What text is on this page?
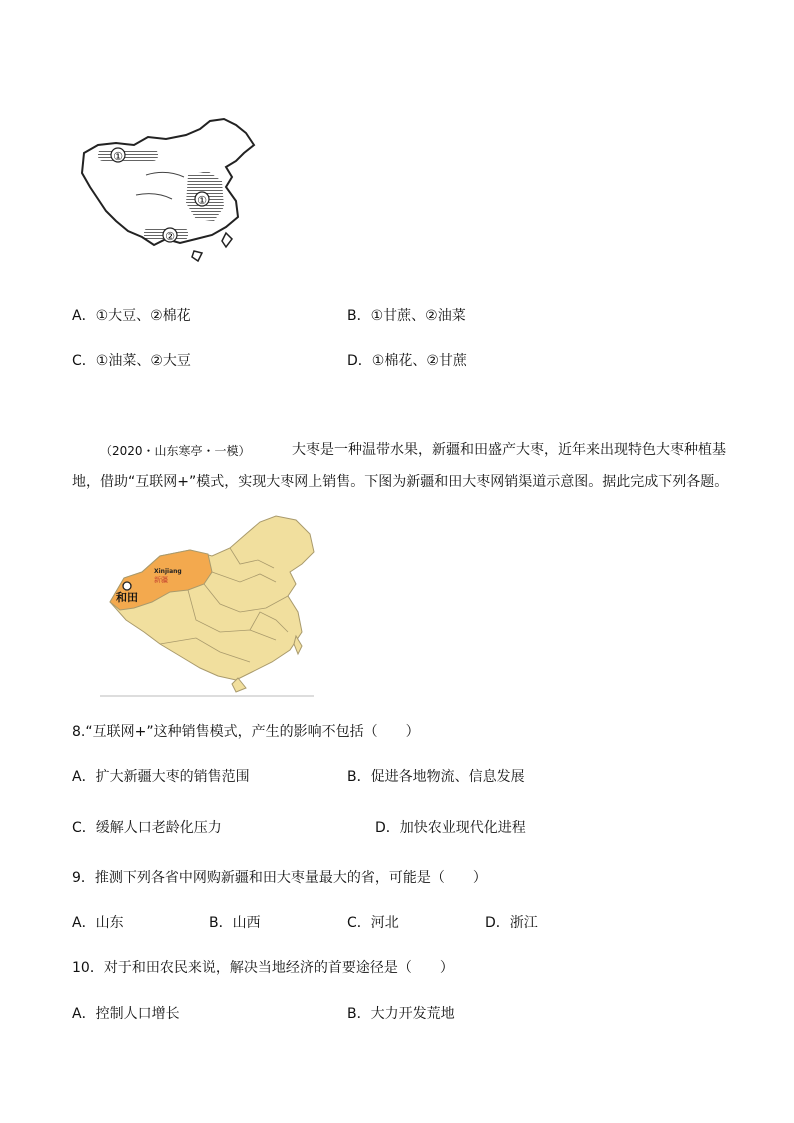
①
①
②
A．①大豆、②棉花	B．①甘蔗、②油菜
C．①油菜、②大豆	D．①棉花、②甘蔗
（2020・山东寒亭・一模）	大枣是一种温带水果，新疆和田盛产大枣，近年来出现特色大枣种植基
地，借助“互联网+”模式，实现大枣网上销售。下图为新疆和田大枣网销渠道示意图。据此完成下列各题。
Xinjiang
新疆
和田
8.“互联网+”这种销售模式，产生的影响不包括（　　）
A．扩大新疆大枣的销售范围	B．促进各地物流、信息发展
C．缓解人口老龄化压力	D．加快农业现代化进程
9．推测下列各省中网购新疆和田大枣量最大的省，可能是（　　）
A．山东	B．山西	C．河北	D．浙江
10．对于和田农民来说，解决当地经济的首要途径是（　　）
A．控制人口增长	B．大力开发荒地
